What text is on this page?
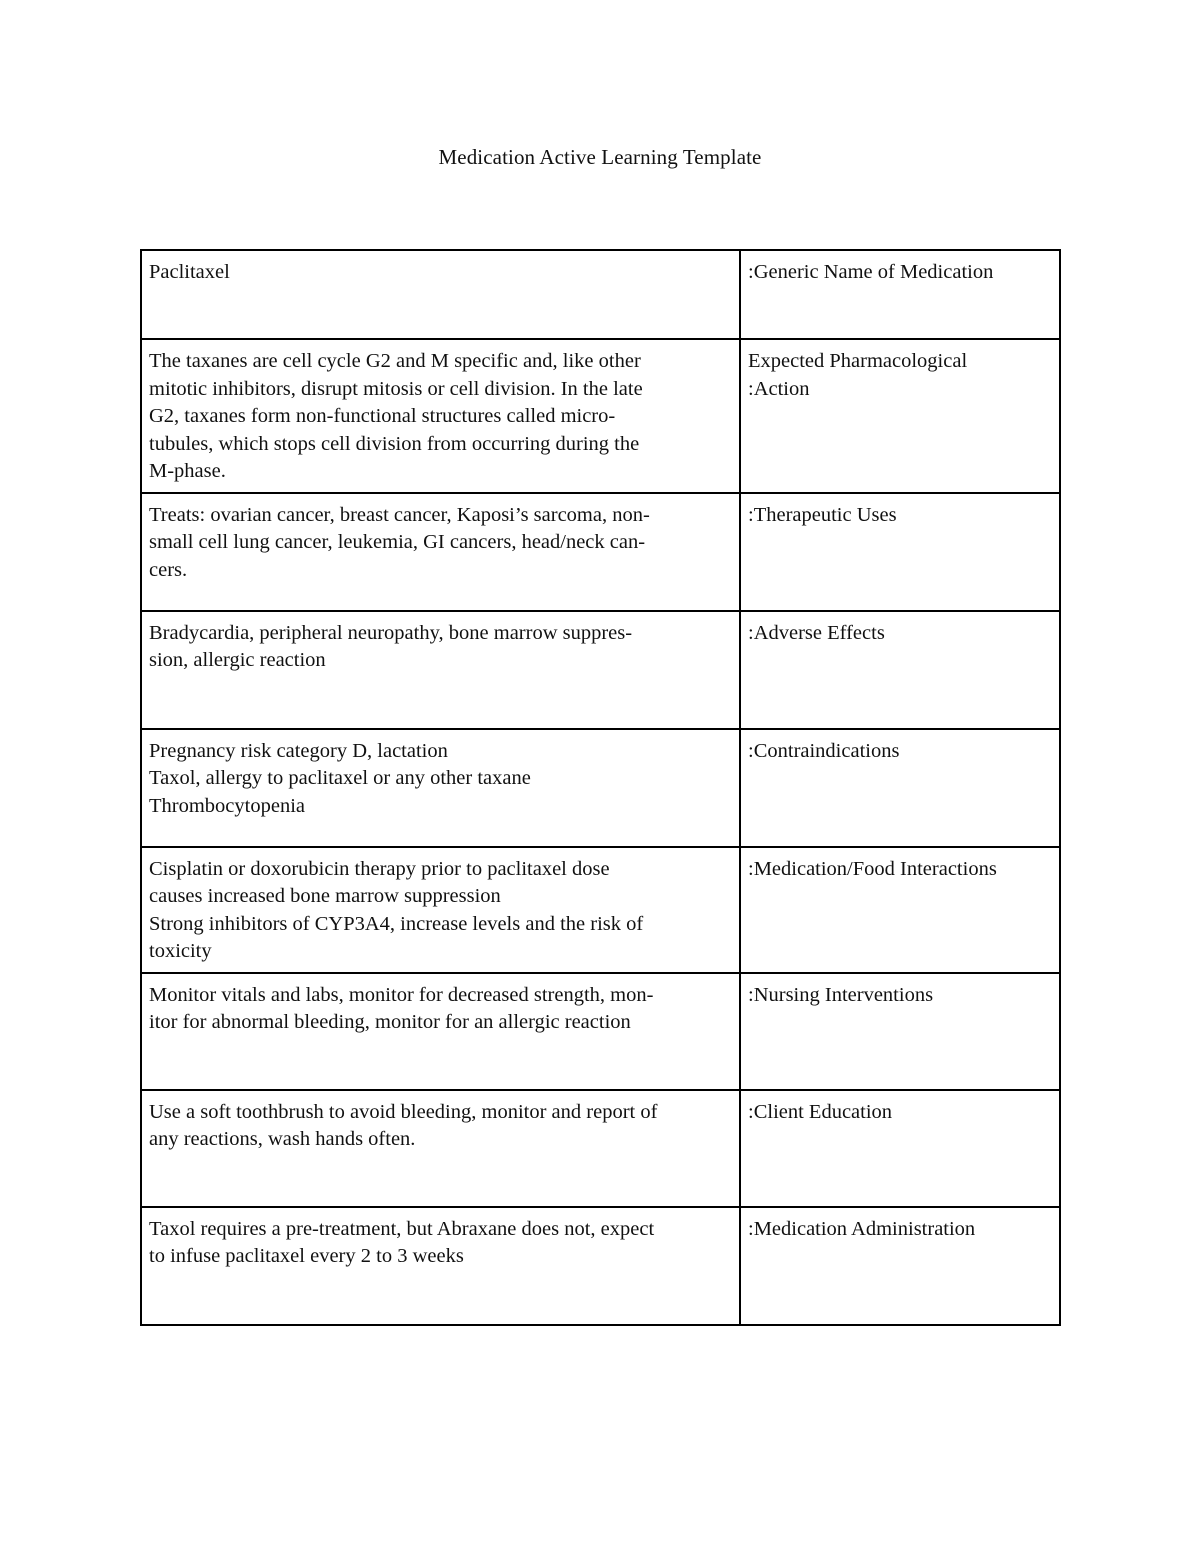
Medication Active Learning Template
Paclitaxel	:Generic Name of Medication

The taxanes are cell cycle G2 and M specific and, like other
mitotic inhibitors, disrupt mitosis or cell division. In the late
G2, taxanes form non-functional structures called micro-
tubules, which stops cell division from occurring during the
M-phase.	Expected Pharmacological
:Action

Treats: ovarian cancer, breast cancer, Kaposi’s sarcoma, non-
small cell lung cancer, leukemia, GI cancers, head/neck can-
cers.	:Therapeutic Uses

Bradycardia, peripheral neuropathy, bone marrow suppres-
sion, allergic reaction	:Adverse Effects

Pregnancy risk category D, lactation
Taxol, allergy to paclitaxel or any other taxane
Thrombocytopenia	:Contraindications

Cisplatin or doxorubicin therapy prior to paclitaxel dose
causes increased bone marrow suppression
Strong inhibitors of CYP3A4, increase levels and the risk of
toxicity	:Medication/Food Interactions

Monitor vitals and labs, monitor for decreased strength, mon-
itor for abnormal bleeding, monitor for an allergic reaction	:Nursing Interventions

Use a soft toothbrush to avoid bleeding, monitor and report of
any reactions, wash hands often.	:Client Education

Taxol requires a pre-treatment, but Abraxane does not, expect
to infuse paclitaxel every 2 to 3 weeks	:Medication Administration
